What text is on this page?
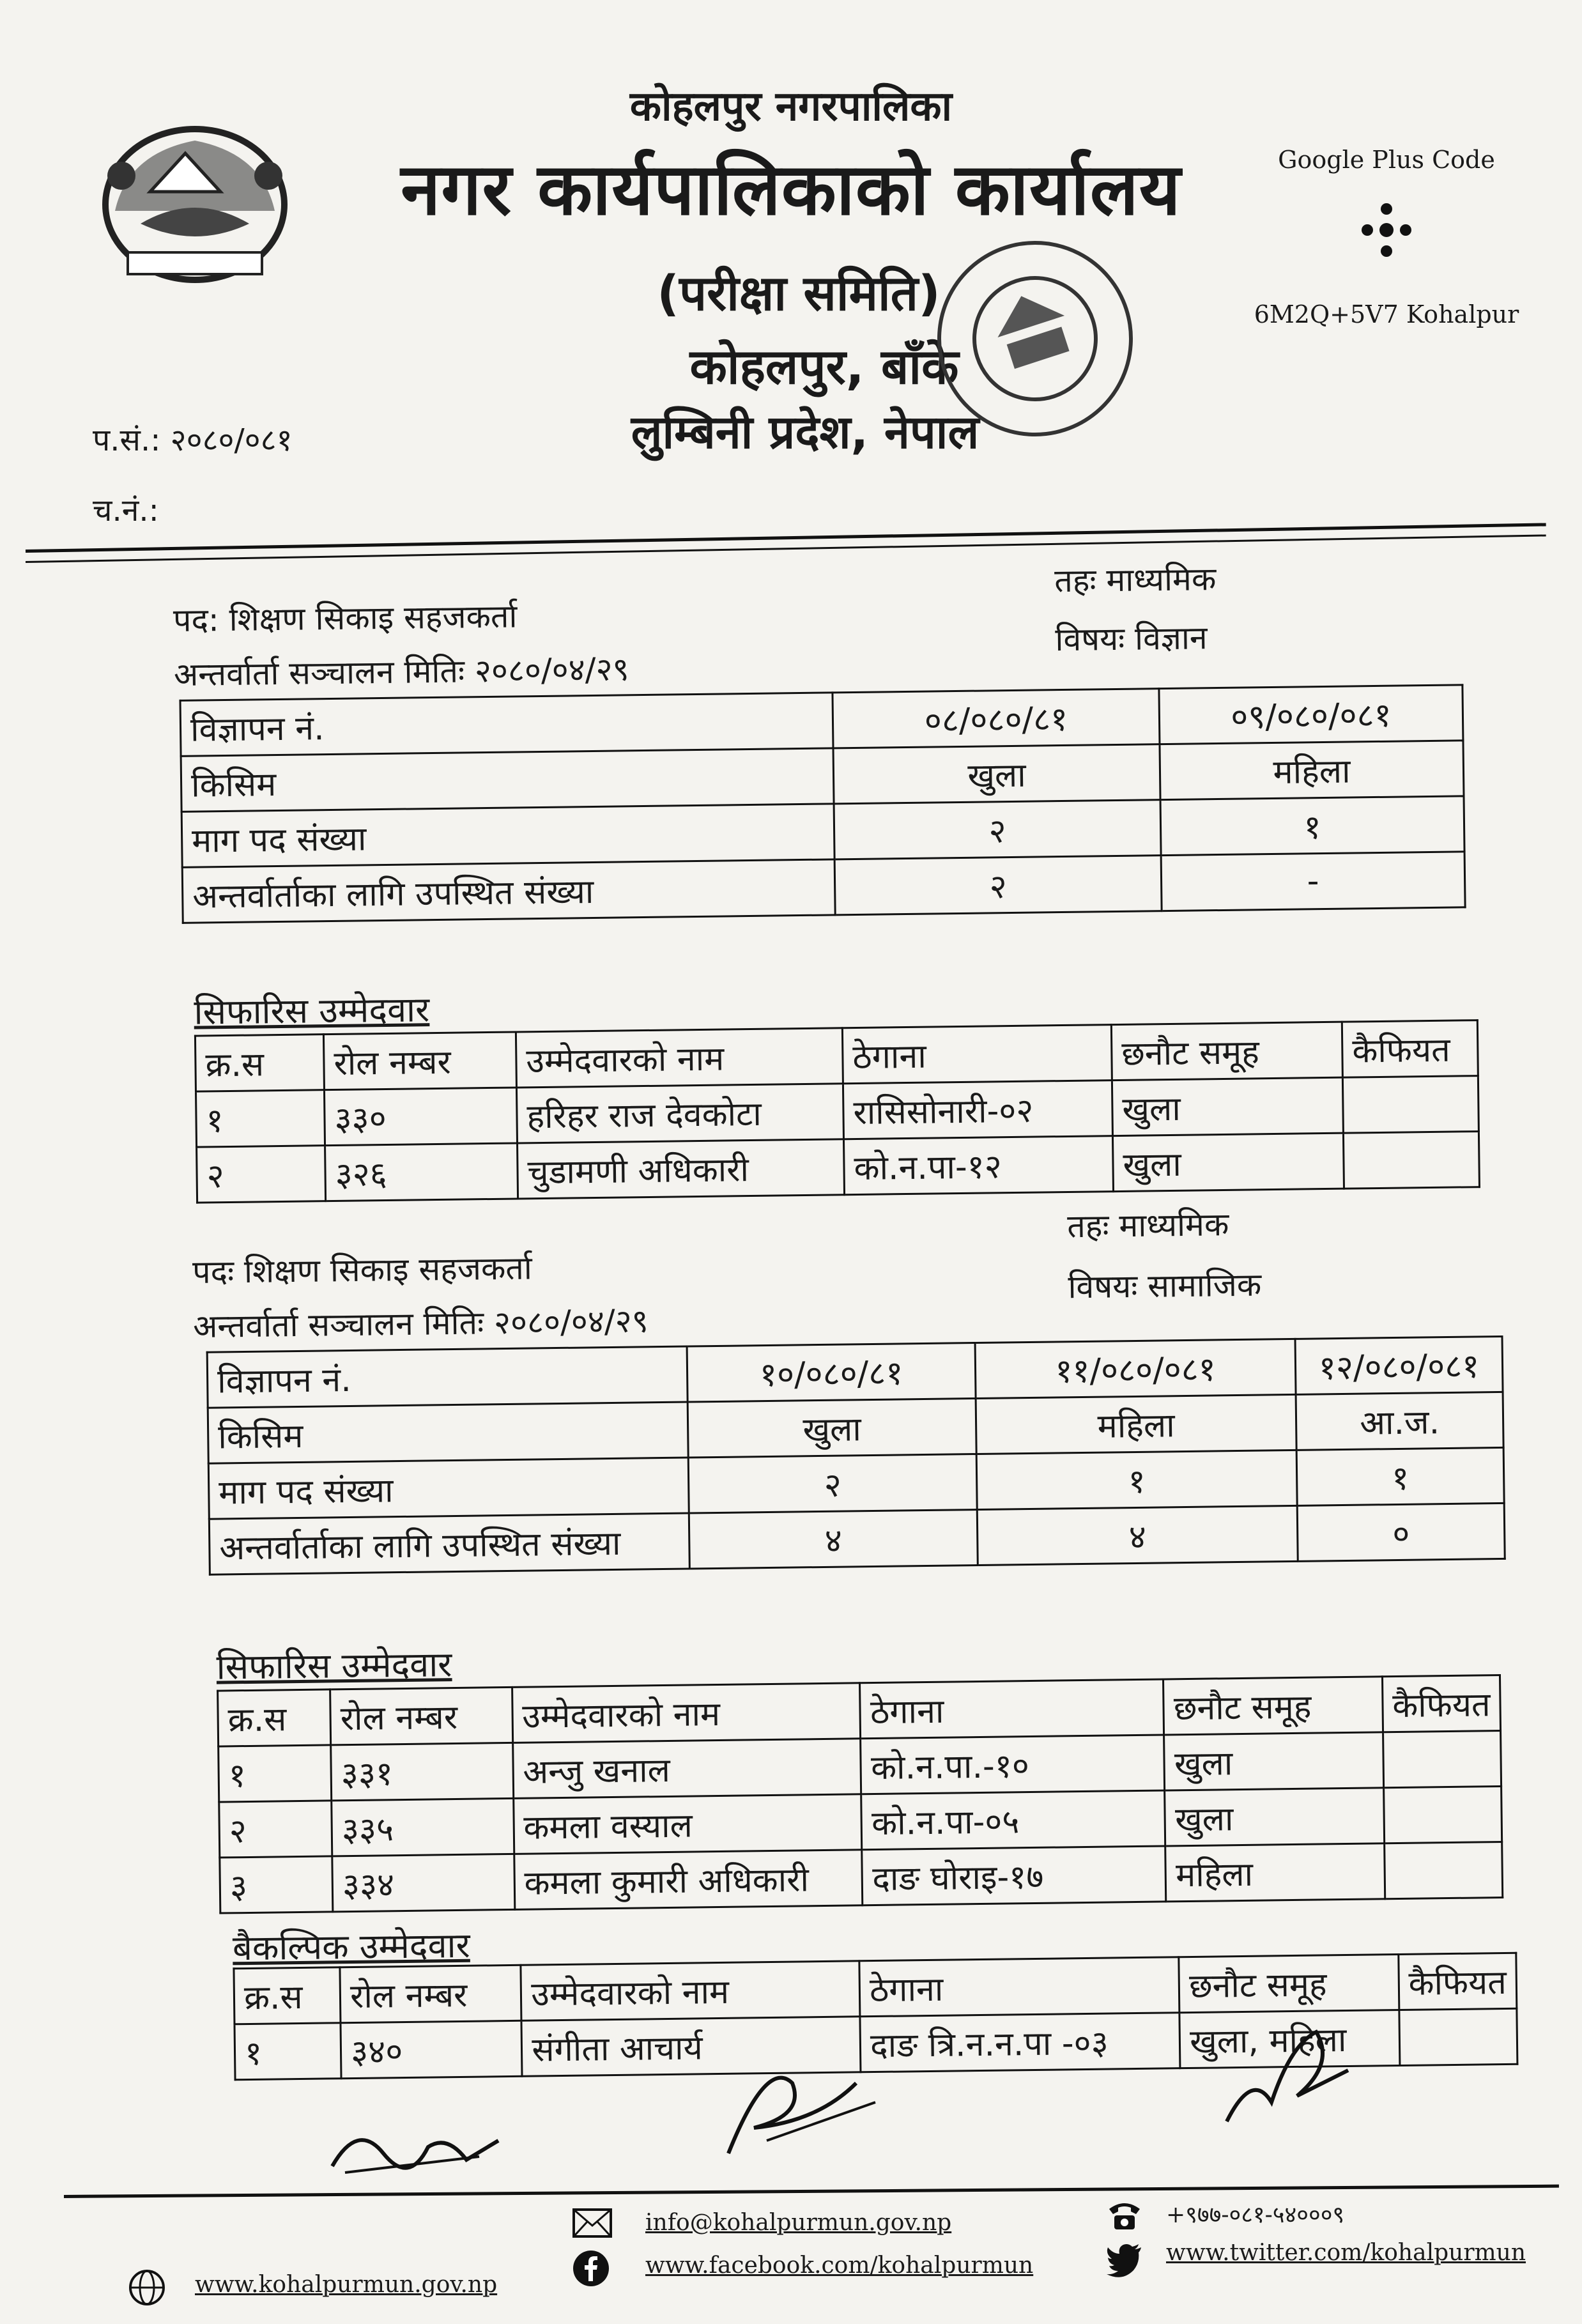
कोहलपुर नगरपालिका
नगर कार्यपालिकाको कार्यालय
(परीक्षा समिति)
कोहलपुर, बाँके
लुम्बिनी प्रदेश, नेपाल
Google Plus Code
6M2Q+5V7 Kohalpur
प.सं.: २०८०/०८१
च.नं.:
पद: शिक्षण सिकाइ सहजकर्ता
अन्तर्वार्ता सञ्चालन मितिः २०८०/०४/२९
तहः माध्यमिक
विषयः विज्ञान
विज्ञापन नं.	०८/०८०/८१	०९/०८०/०८१
किसिम	खुला	महिला
माग पद संख्या	२	१
अन्तर्वार्ताका लागि उपस्थित संख्या	२	-
सिफारिस उम्मेदवार
क्र.स	रोल नम्बर	उम्मेदवारको नाम	ठेगाना	छनौट समूह	कैफियत
१	३३०	हरिहर राज देवकोटा	रासिसोनारी-०२	खुला	
२	३२६	चुडामणी अधिकारी	को.न.पा-१२	खुला	
पदः शिक्षण सिकाइ सहजकर्ता
अन्तर्वार्ता सञ्चालन मितिः २०८०/०४/२९
तहः माध्यमिक
विषयः सामाजिक
विज्ञापन नं.	१०/०८०/८१	११/०८०/०८१	१२/०८०/०८१
किसिम	खुला	महिला	आ.ज.
माग पद संख्या	२	१	१
अन्तर्वार्ताका लागि उपस्थित संख्या	४	४	०
सिफारिस उम्मेदवार
क्र.स	रोल नम्बर	उम्मेदवारको नाम	ठेगाना	छनौट समूह	कैफियत
१	३३१	अन्जु खनाल	को.न.पा.-१०	खुला	
२	३३५	कमला वस्याल	को.न.पा-०५	खुला	
३	३३४	कमला कुमारी अधिकारी	दाङ घोराइ-१७	महिला	
बैकल्पिक उम्मेदवार
क्र.स	रोल नम्बर	उम्मेदवारको नाम	ठेगाना	छनौट समूह	कैफियत
१	३४०	संगीता आचार्य	दाङ त्रि.न.न.पा -०३	खुला, महिला	
www.kohalpurmun.gov.np
info@kohalpurmun.gov.np
www.facebook.com/kohalpurmun
+९७७-०८१-५४०००९
www.twitter.com/kohalpurmun
